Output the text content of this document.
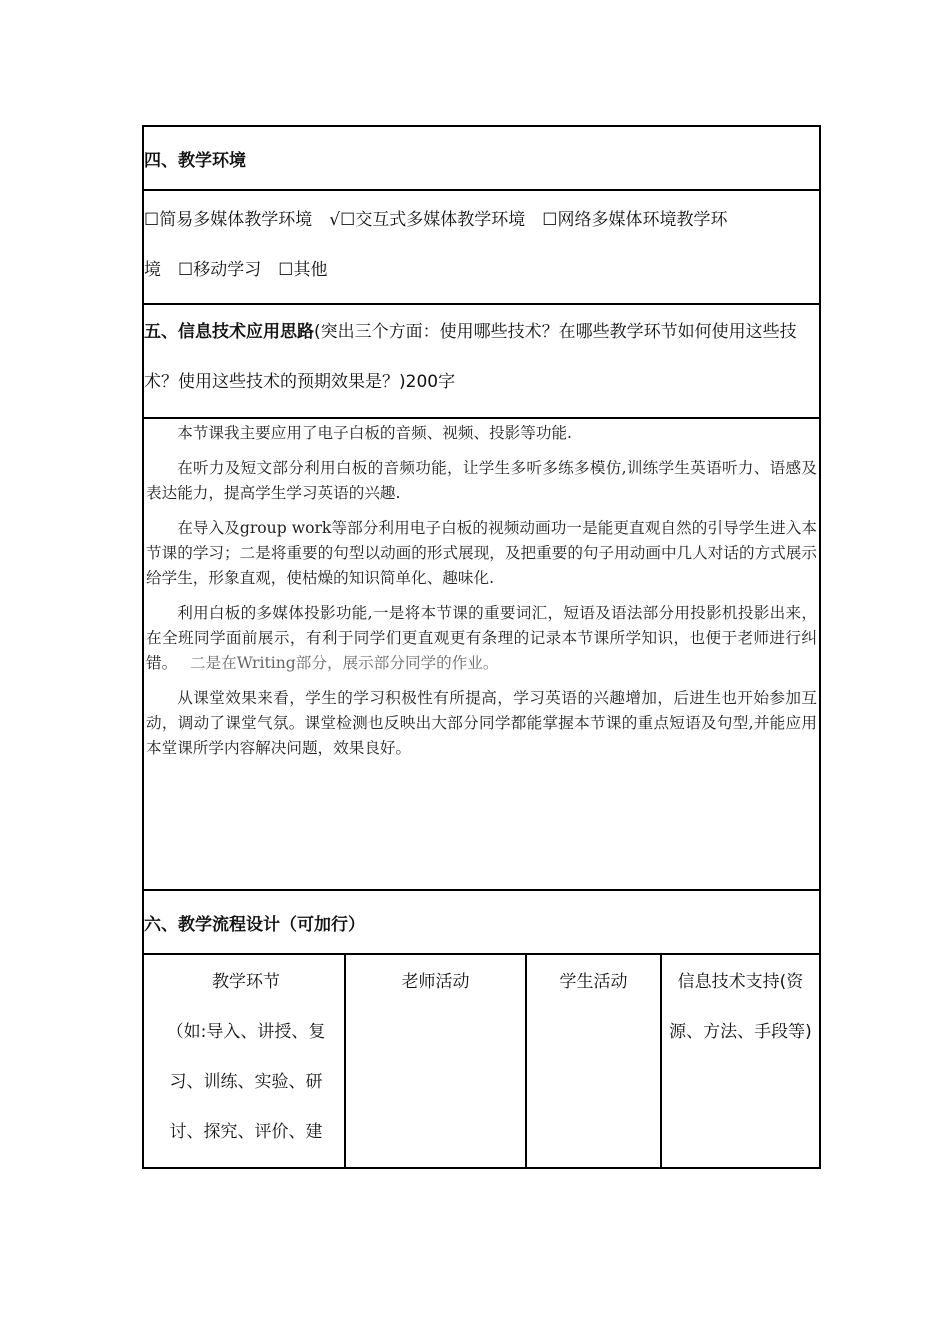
四、教学环境
☐简易多媒体教学环境　√☐交互式多媒体教学环境　☐网络多媒体环境教学环
境　☐移动学习　☐其他
五、信息技术应用思路(突出三个方面：使用哪些技术？在哪些教学环节如何使用这些技术？使用这些技术的预期效果是？)200字

本节课我主要应用了电子白板的音频、视频、投影等功能.

在听力及短文部分利用白板的音频功能，让学生多听多练多模仿,训练学生英语听力、语感及表达能力，提高学生学习英语的兴趣.

在导入及group work等部分利用电子白板的视频动画功一是能更直观自然的引导学生进入本节课的学习；二是将重要的句型以动画的形式展现，及把重要的句子用动画中几人对话的方式展示给学生，形象直观，使枯燥的知识简单化、趣味化.

利用白板的多媒体投影功能,一是将本节课的重要词汇，短语及语法部分用投影机投影出来，在全班同学面前展示，有利于同学们更直观更有条理的记录本节课所学知识，也便于老师进行纠错。　 二是在Writing部分，展示部分同学的作业。

从课堂效果来看，学生的学习积极性有所提高，学习英语的兴趣增加，后进生也开始参加互动，调动了课堂气氛。课堂检测也反映出大部分同学都能掌握本节课的重点短语及句型,并能应用本堂课所学内容解决问题，效果良好。

六、教学流程设计（可加行）
教学环节
（如:导入、讲授、复
习、训练、实验、研
讨、探究、评价、建
老师活动	学生活动	信息技术支持(资源、方法、手段等)
